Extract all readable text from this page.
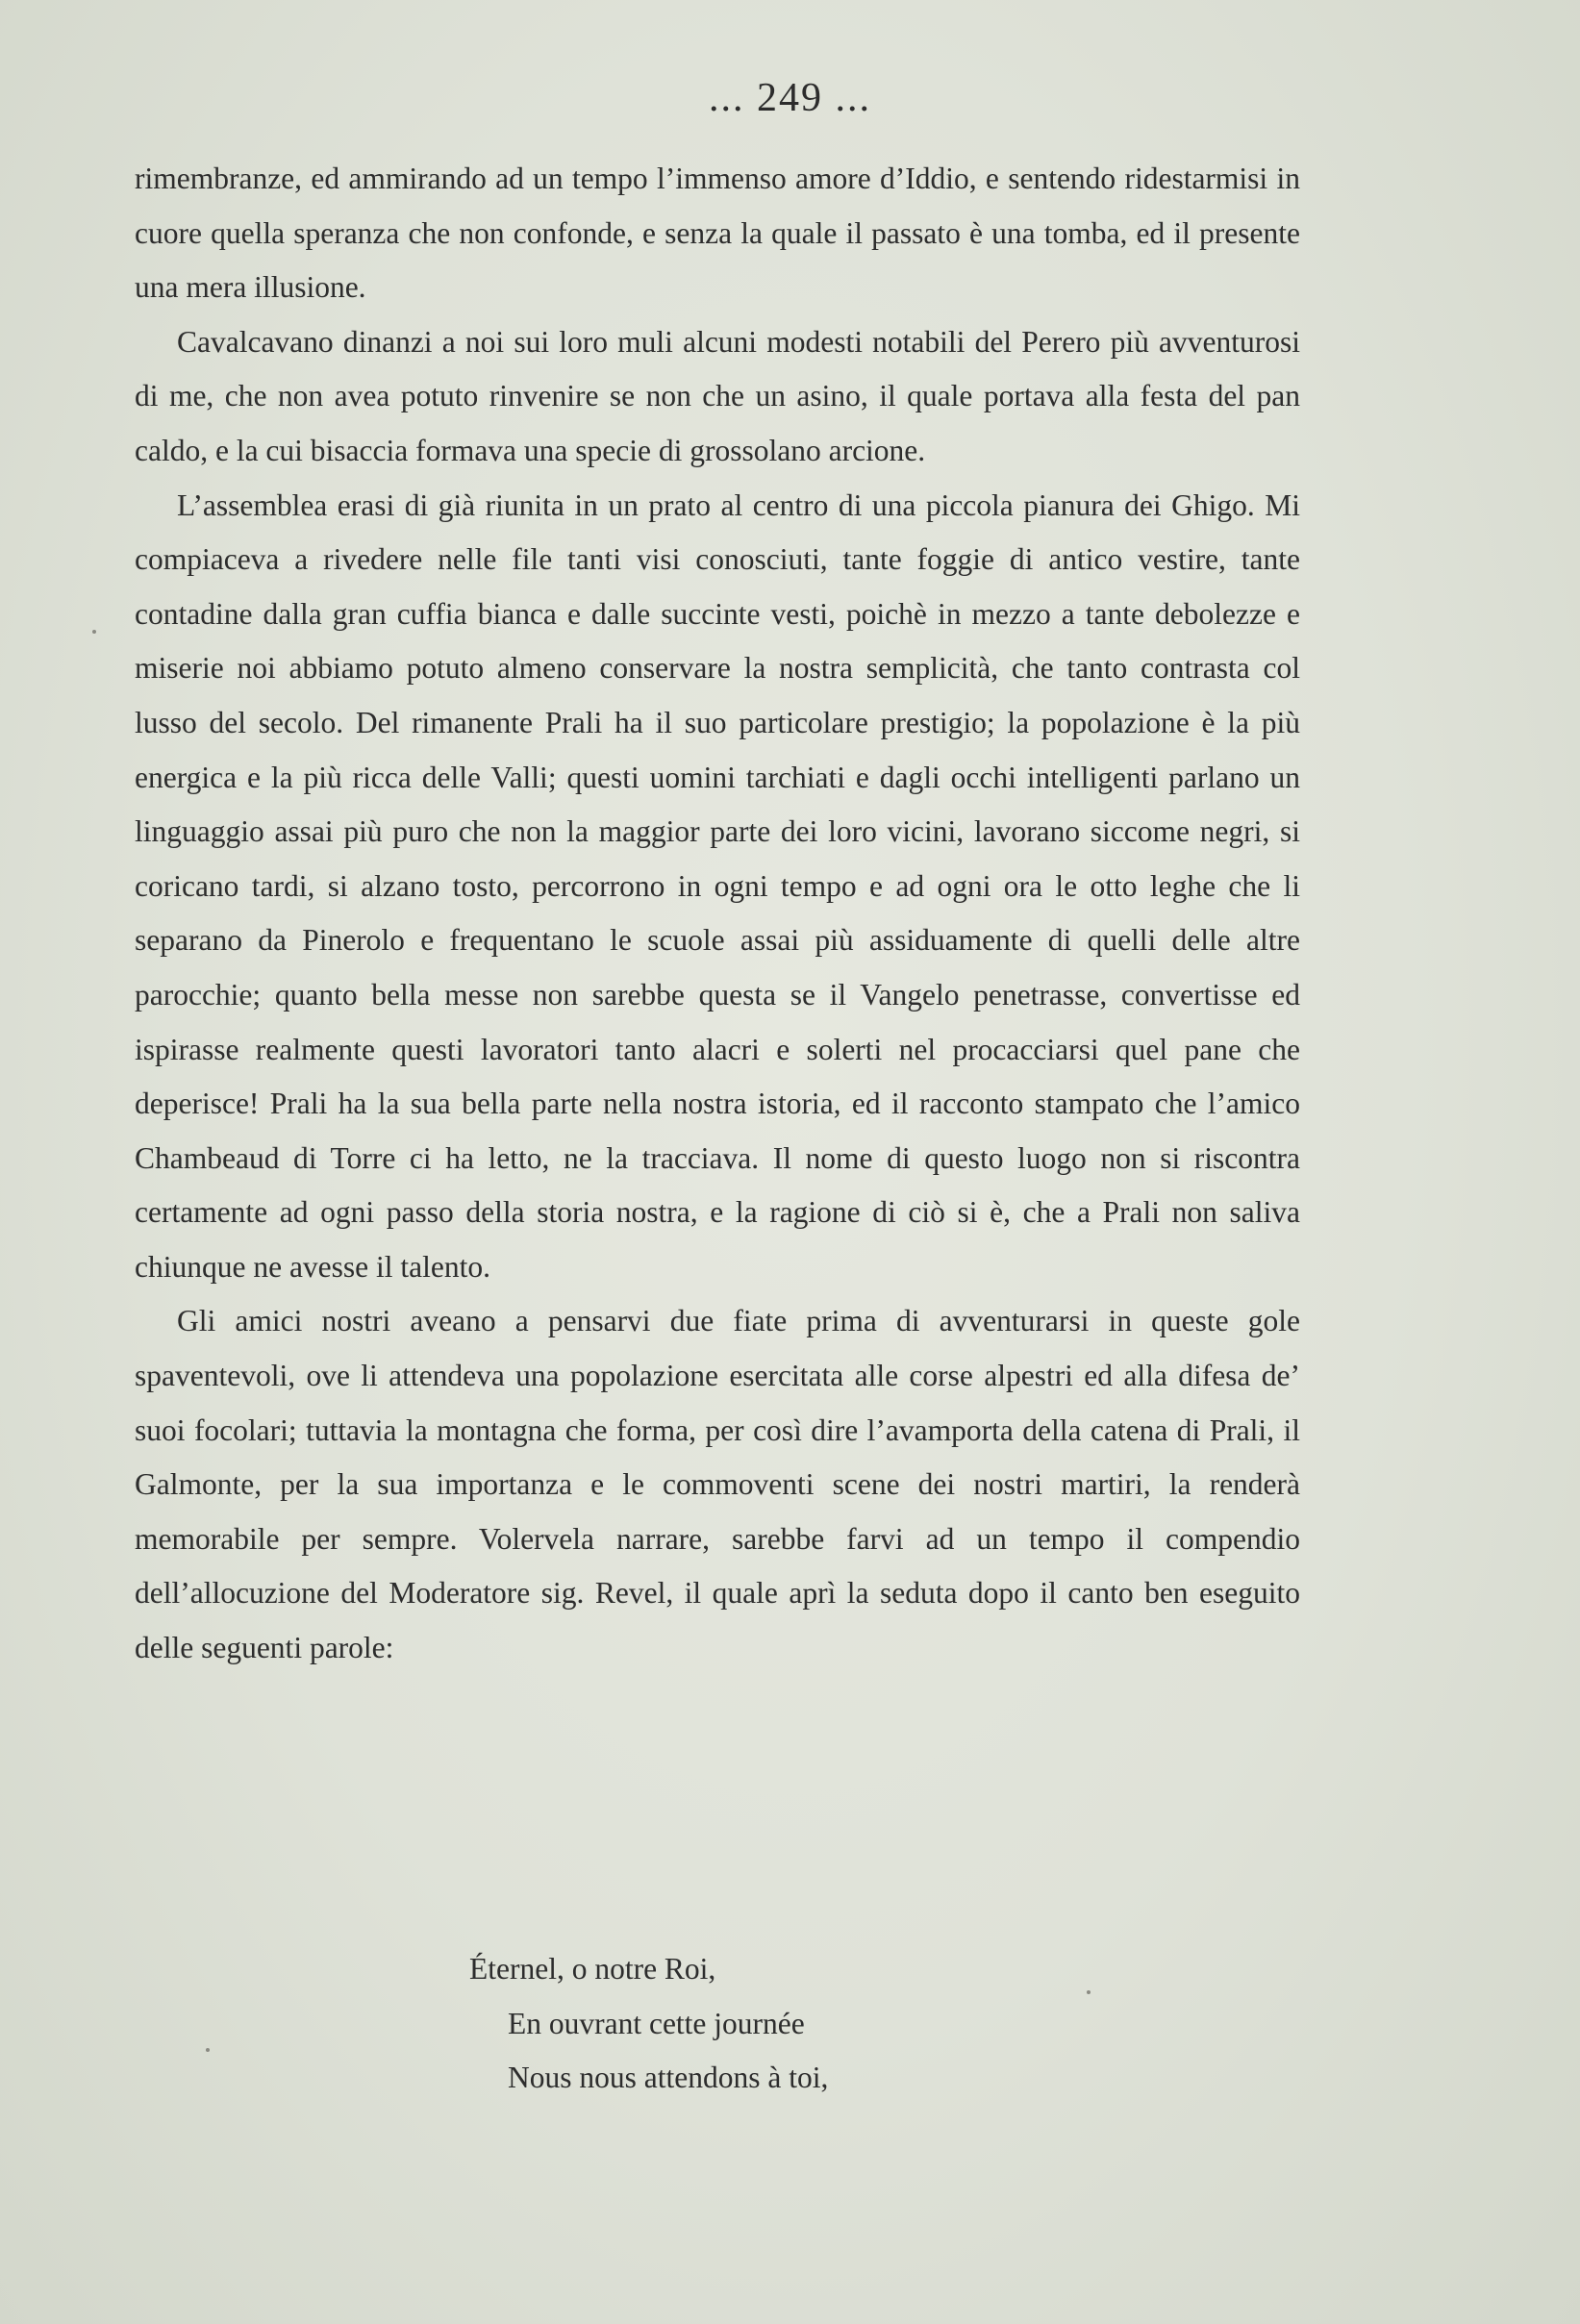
... 249 ...

rimembranze, ed ammirando ad un tempo l’immenso amore d’Iddio, e sentendo ridestarmisi in cuore quella speranza che non confonde, e senza la quale il passato è una tomba, ed il presente una mera illusione.

Cavalcavano dinanzi a noi sui loro muli alcuni modesti notabili del Perero più avventurosi di me, che non avea potuto rinvenire se non che un asino, il quale portava alla festa del pan caldo, e la cui bisaccia formava una specie di grossolano arcione.

L’assemblea erasi di già riunita in un prato al centro di una piccola pianura dei Ghigo. Mi compiaceva a rivedere nelle file tanti visi conosciuti, tante foggie di antico vestire, tante contadine dalla gran cuffia bianca e dalle succinte vesti, poichè in mezzo a tante debolezze e miserie noi abbiamo potuto almeno conservare la nostra semplicità, che tanto contrasta col lusso del secolo. Del rimanente Prali ha il suo particolare prestigio; la popolazione è la più energica e la più ricca delle Valli; questi uomini tarchiati e dagli occhi intelligenti parlano un linguaggio assai più puro che non la maggior parte dei loro vicini, lavorano siccome negri, si coricano tardi, si alzano tosto, percorrono in ogni tempo e ad ogni ora le otto leghe che li separano da Pinerolo e frequentano le scuole assai più assiduamente di quelli delle altre parocchie; quanto bella messe non sarebbe questa se il Vangelo penetrasse, convertisse ed ispirasse realmente questi lavoratori tanto alacri e solerti nel procacciarsi quel pane che deperisce! Prali ha la sua bella parte nella nostra istoria, ed il racconto stampato che l’amico Chambeaud di Torre ci ha letto, ne la tracciava. Il nome di questo luogo non si riscontra certamente ad ogni passo della storia nostra, e la ragione di ciò si è, che a Prali non saliva chiunque ne avesse il talento.

Gli amici nostri aveano a pensarvi due fiate prima di avventurarsi in queste gole spaventevoli, ove li attendeva una popolazione esercitata alle corse alpestri ed alla difesa de’ suoi focolari; tuttavia la montagna che forma, per così dire l’avamporta della catena di Prali, il Galmonte, per la sua importanza e le commoventi scene dei nostri martiri, la renderà memorabile per sempre. Volervela narrare, sarebbe farvi ad un tempo il compendio dell’allocuzione del Moderatore sig. Revel, il quale aprì la seduta dopo il canto ben eseguito delle seguenti parole:

Éternel, o notre Roi,
En ouvrant cette journée
Nous nous attendons à toi,
